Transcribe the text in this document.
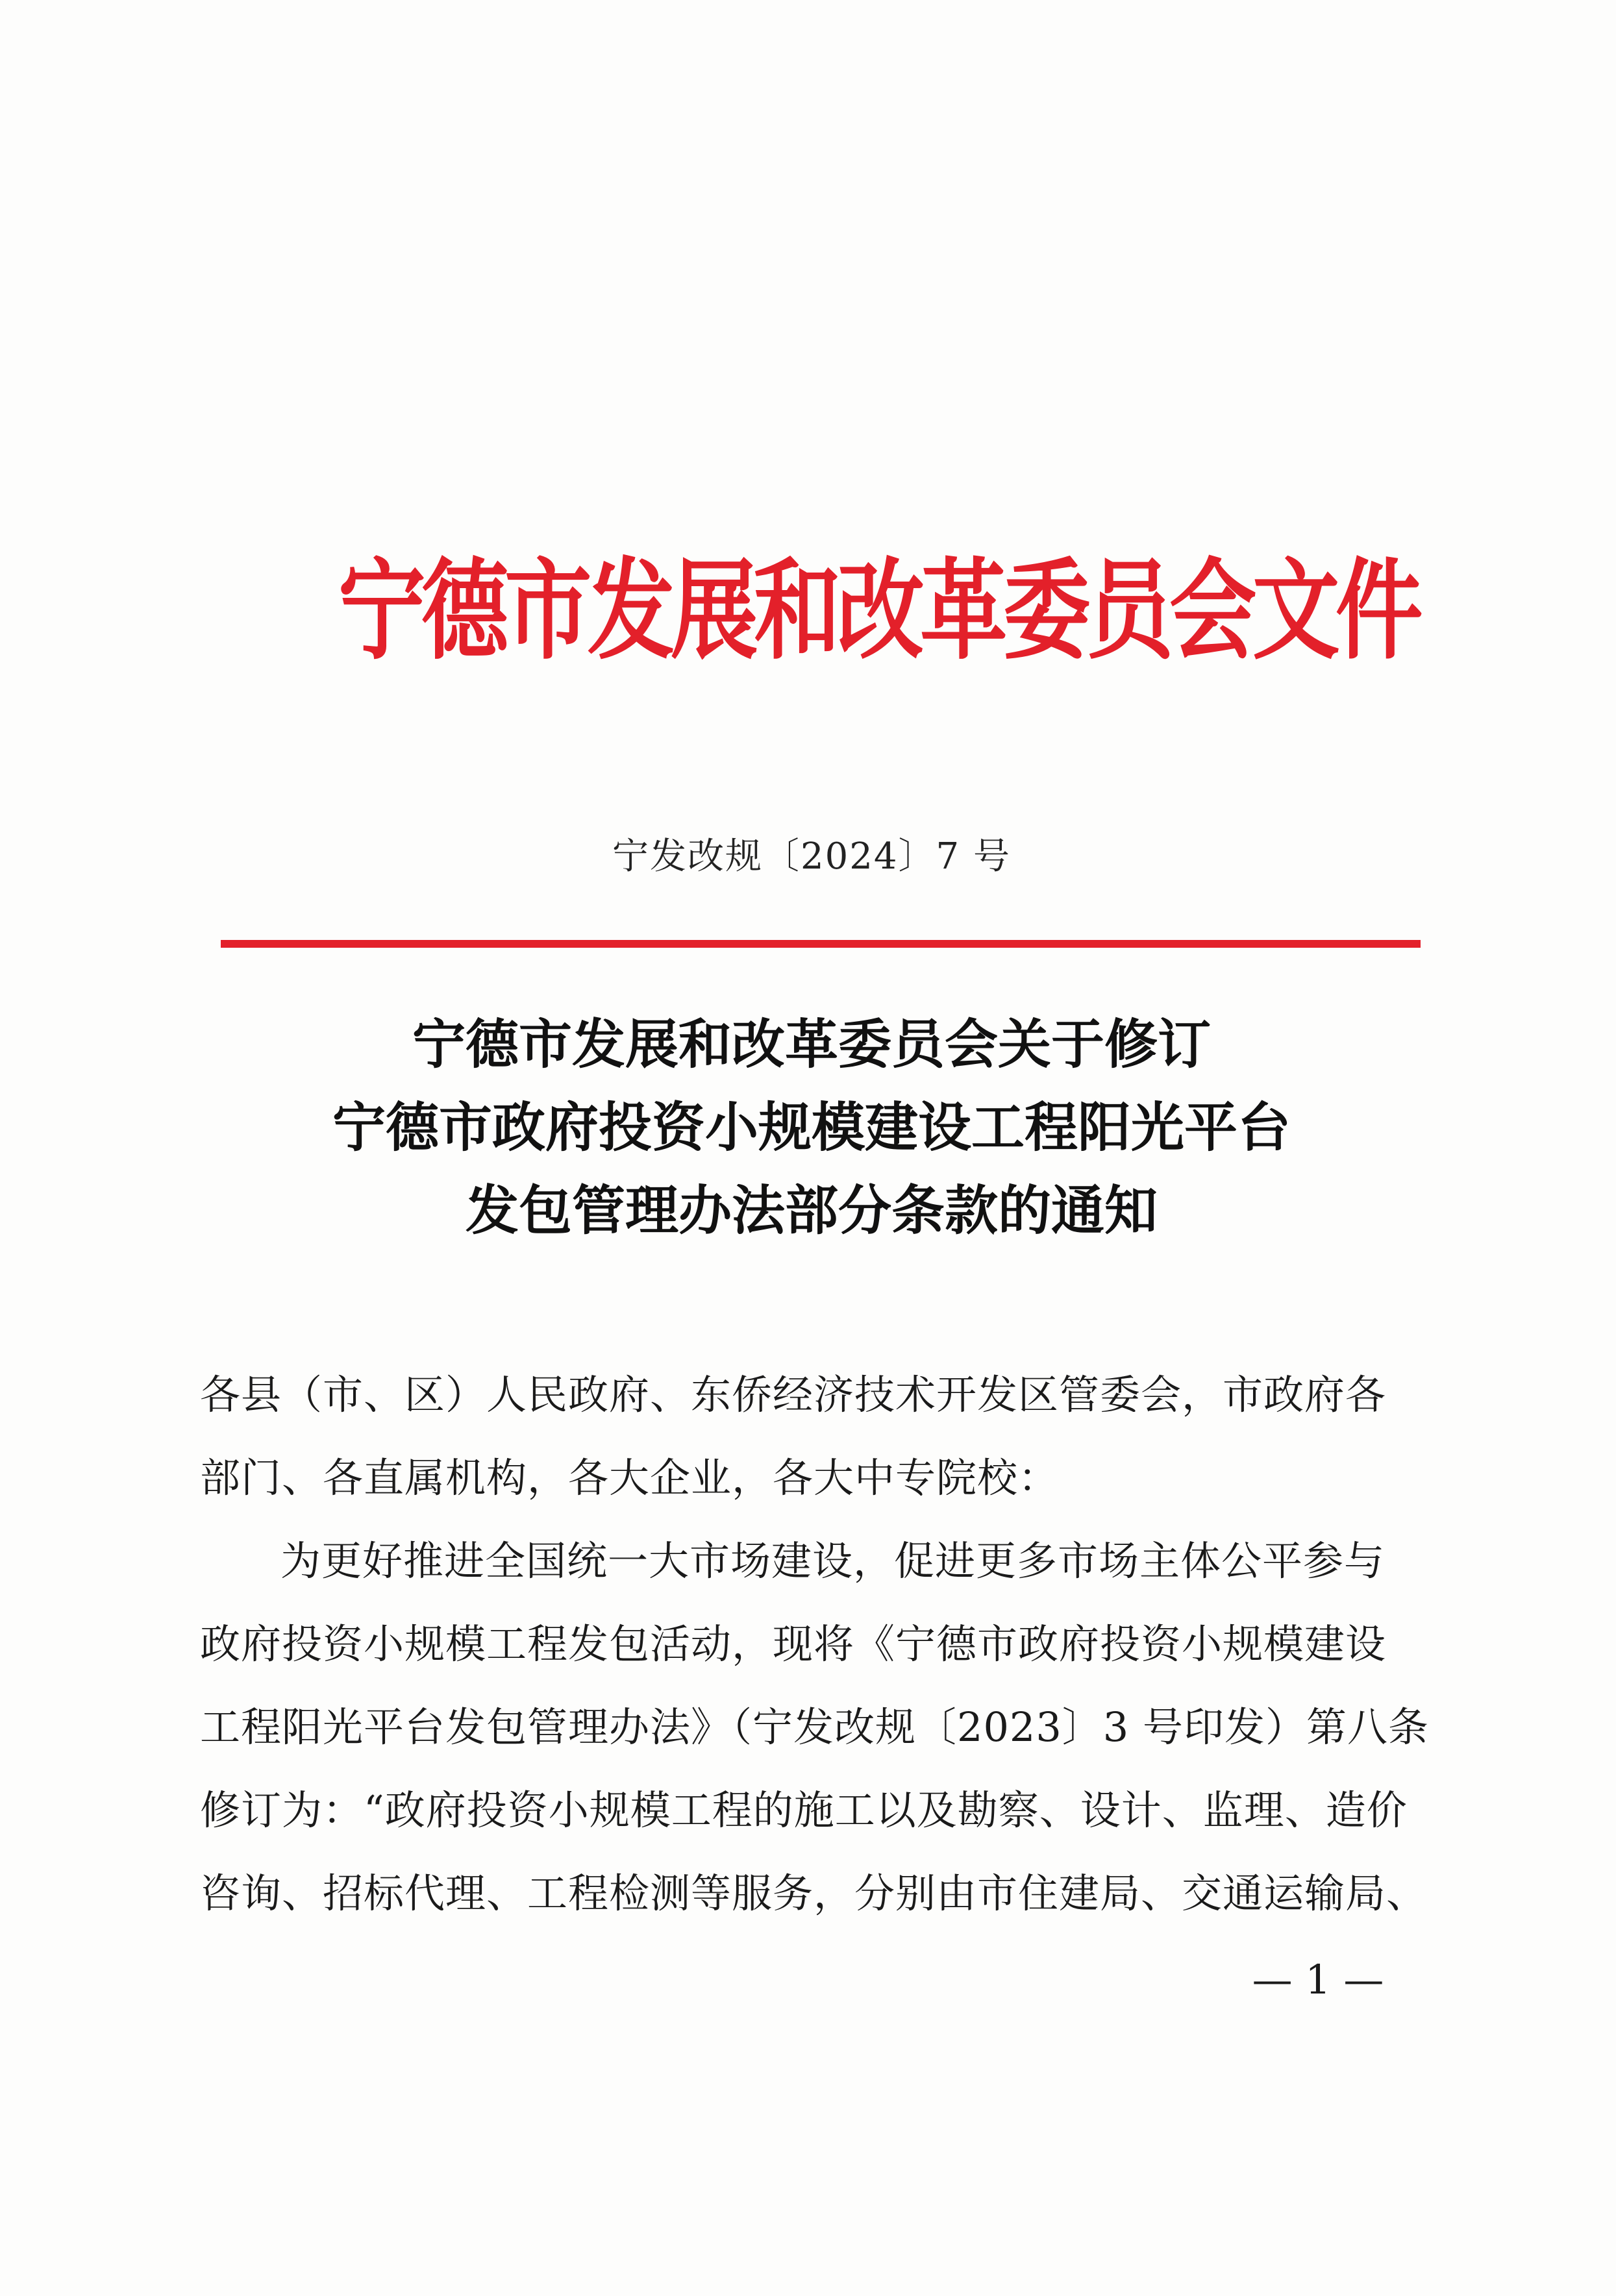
宁德市发展和改革委员会文件
宁发改规〔2024〕7 号
宁德市发展和改革委员会关于修订
宁德市政府投资小规模建设工程阳光平台
发包管理办法部分条款的通知
各县（市、区）人民政府、东侨经济技术开发区管委会，市政府各
部门、各直属机构，各大企业，各大中专院校：
为更好推进全国统一大市场建设，促进更多市场主体公平参与
政府投资小规模工程发包活动，现将《宁德市政府投资小规模建设
工程阳光平台发包管理办法》（宁发改规〔2023〕3 号印发）第八条
修订为：“政府投资小规模工程的施工以及勘察、设计、监理、造价
咨询、招标代理、工程检测等服务，分别由市住建局、交通运输局、
— 1 —
